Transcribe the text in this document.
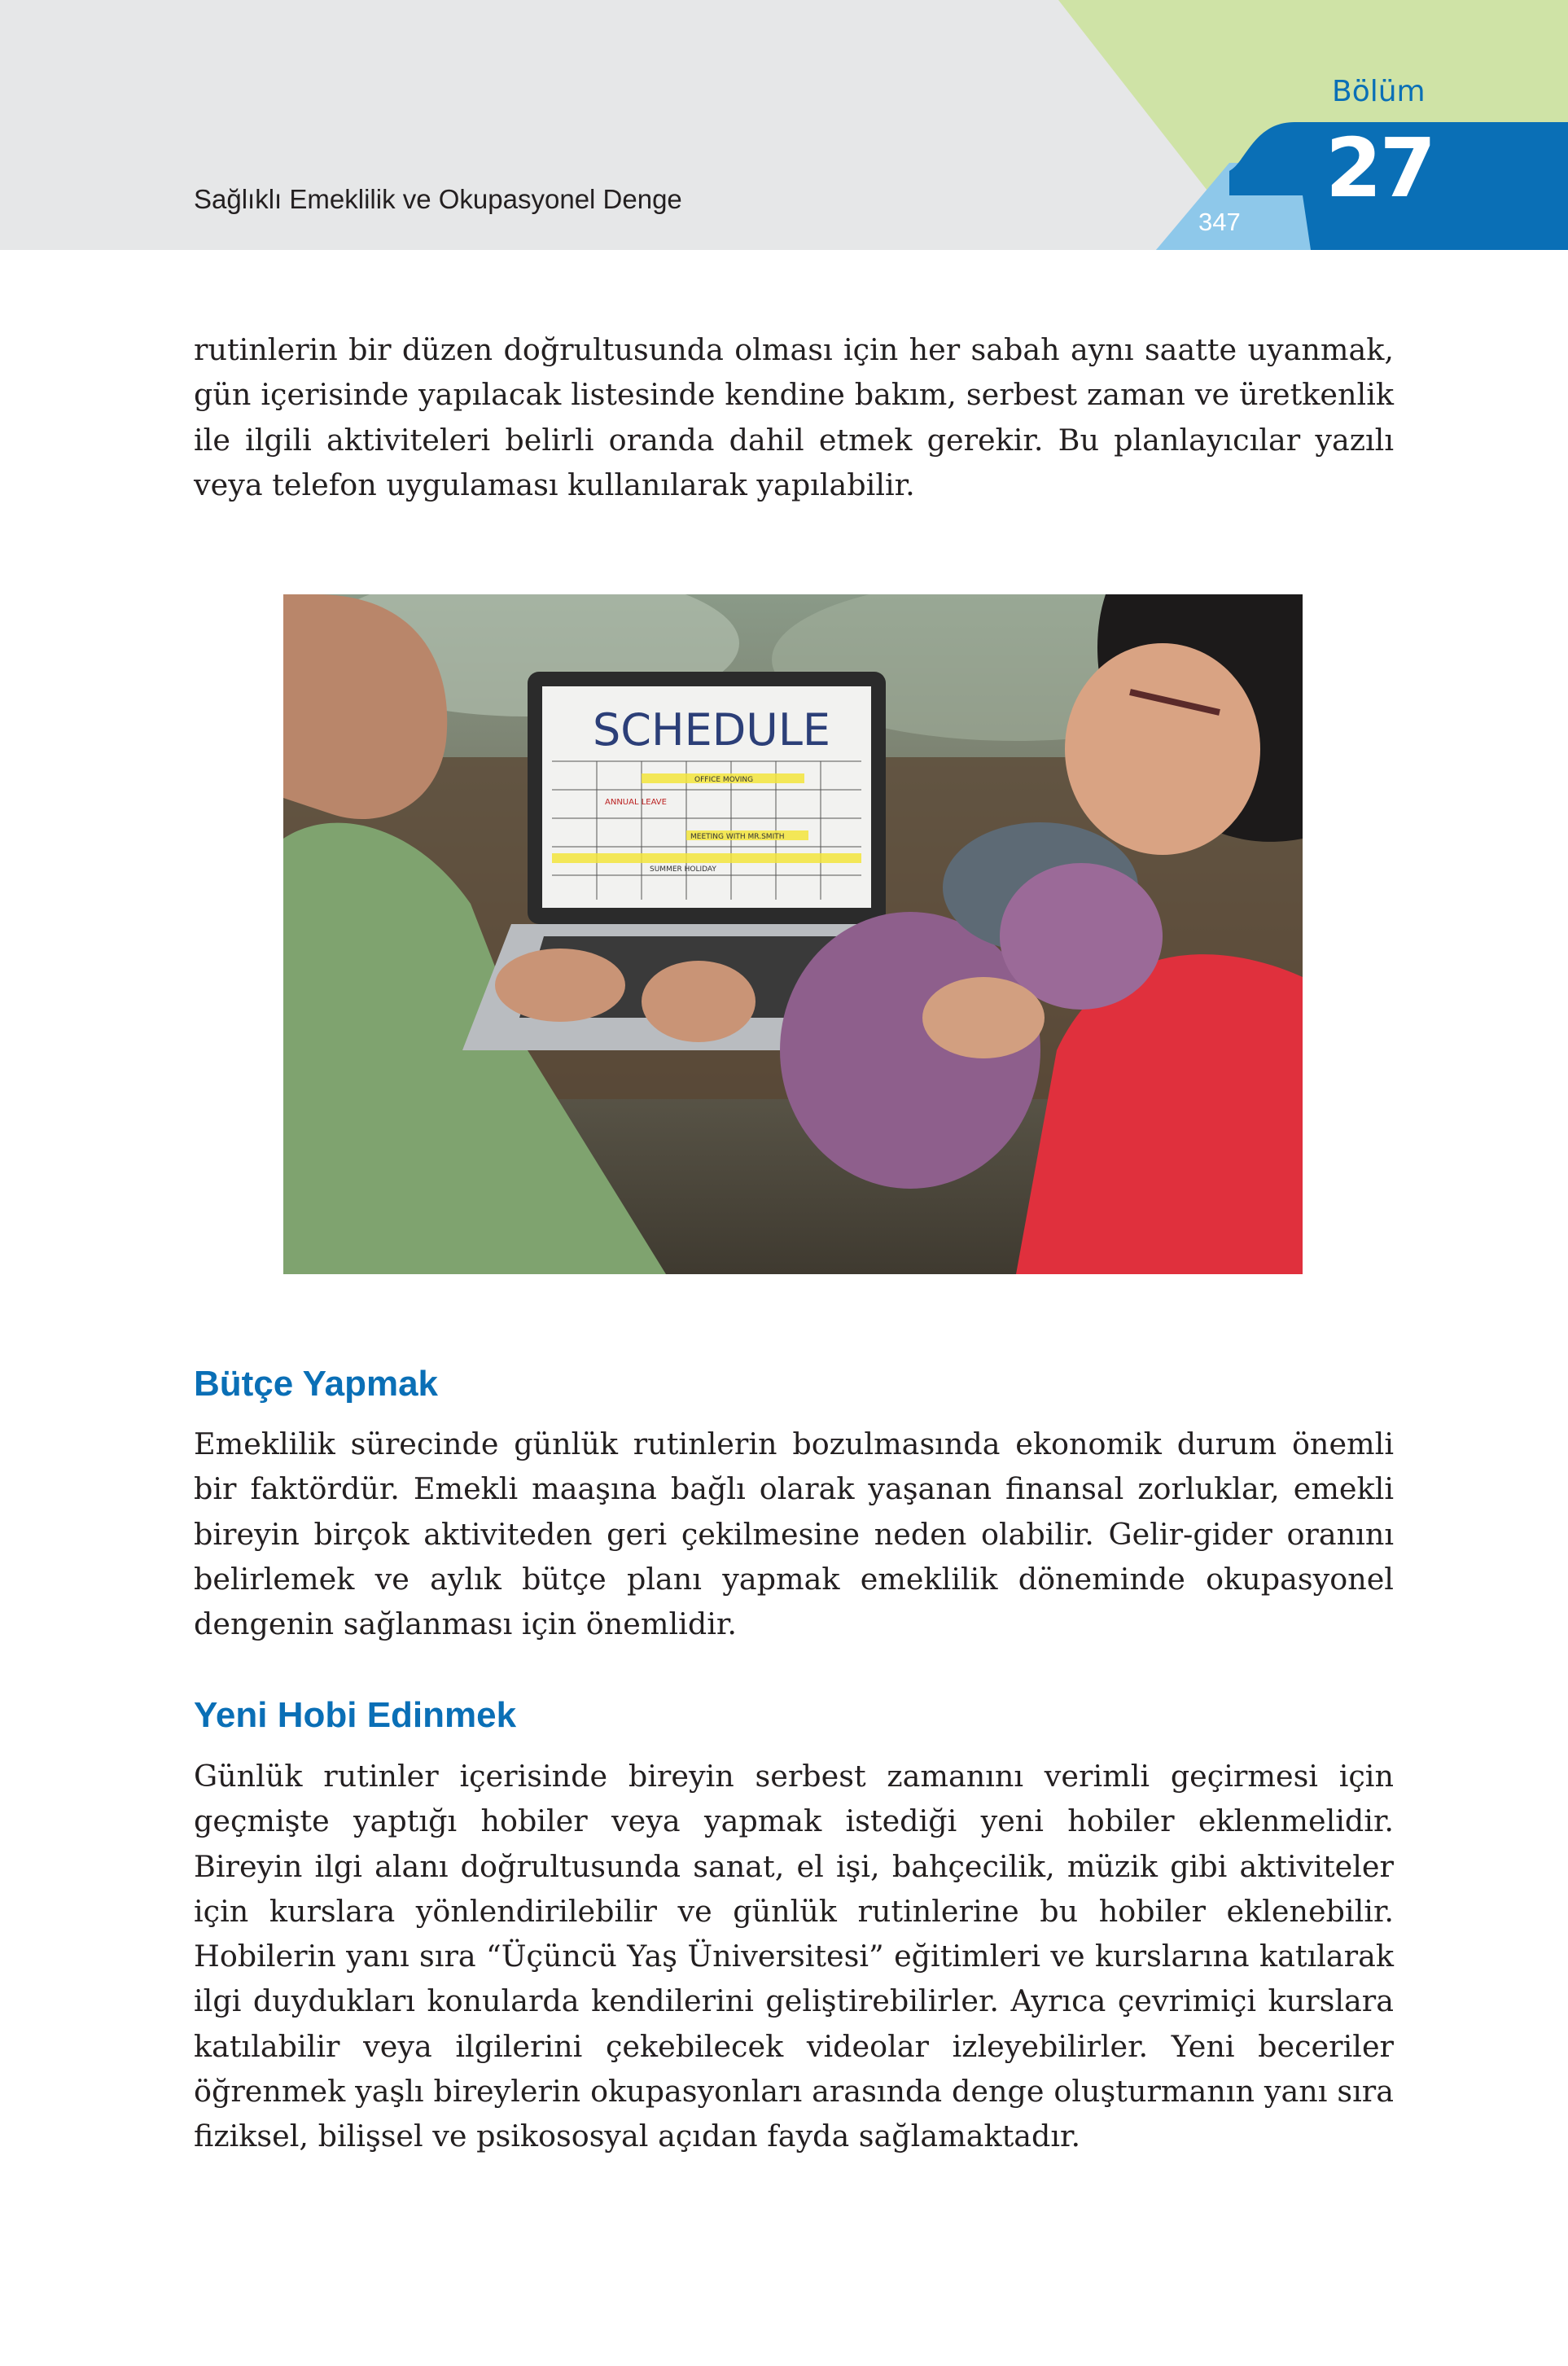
Sağlıklı Emeklilik ve Okupasyonel Denge
Bölüm
27
347

rutinlerin bir düzen doğrultusunda olması için her sabah aynı saatte uyanmak, gün içerisinde yapılacak listesinde kendine bakım, serbest zaman ve üretkenlik ile ilgili aktiviteleri belirli oranda dahil etmek gerekir. Bu planlayıcılar yazılı veya telefon uygulaması kullanılarak yapılabilir.

SCHEDULE
ANNUAL LEAVE
OFFICE MOVING
MEETING WITH MR.SMITH
SUMMER HOLIDAY
Bütçe Yapmak

Emeklilik sürecinde günlük rutinlerin bozulmasında ekonomik durum önemli bir faktördür. Emekli maaşına bağlı olarak yaşanan finansal zorluklar, emekli bireyin birçok aktiviteden geri çekilmesine neden olabilir. Gelir-gider oranını belirlemek ve aylık bütçe planı yapmak emeklilik döneminde okupasyonel dengenin sağlanması için önemlidir.

Yeni Hobi Edinmek

Günlük rutinler içerisinde bireyin serbest zamanını verimli geçirmesi için geçmişte yaptığı hobiler veya yapmak istediği yeni hobiler eklenmelidir. Bireyin ilgi alanı doğrultusunda sanat, el işi, bahçecilik, müzik gibi aktiviteler için kurslara yönlendirilebilir ve günlük rutinlerine bu hobiler eklenebilir. Hobilerin yanı sıra “Üçüncü Yaş Üniversitesi” eğitimleri ve kurslarına katılarak ilgi duydukları konularda kendilerini geliştirebilirler. Ayrıca çevrimiçi kurslara katılabilir veya ilgilerini çekebilecek videolar izleyebilirler. Yeni beceriler öğrenmek yaşlı bireylerin okupasyonları arasında denge oluşturmanın yanı sıra fiziksel, bilişsel ve psikososyal açıdan fayda sağlamaktadır.
